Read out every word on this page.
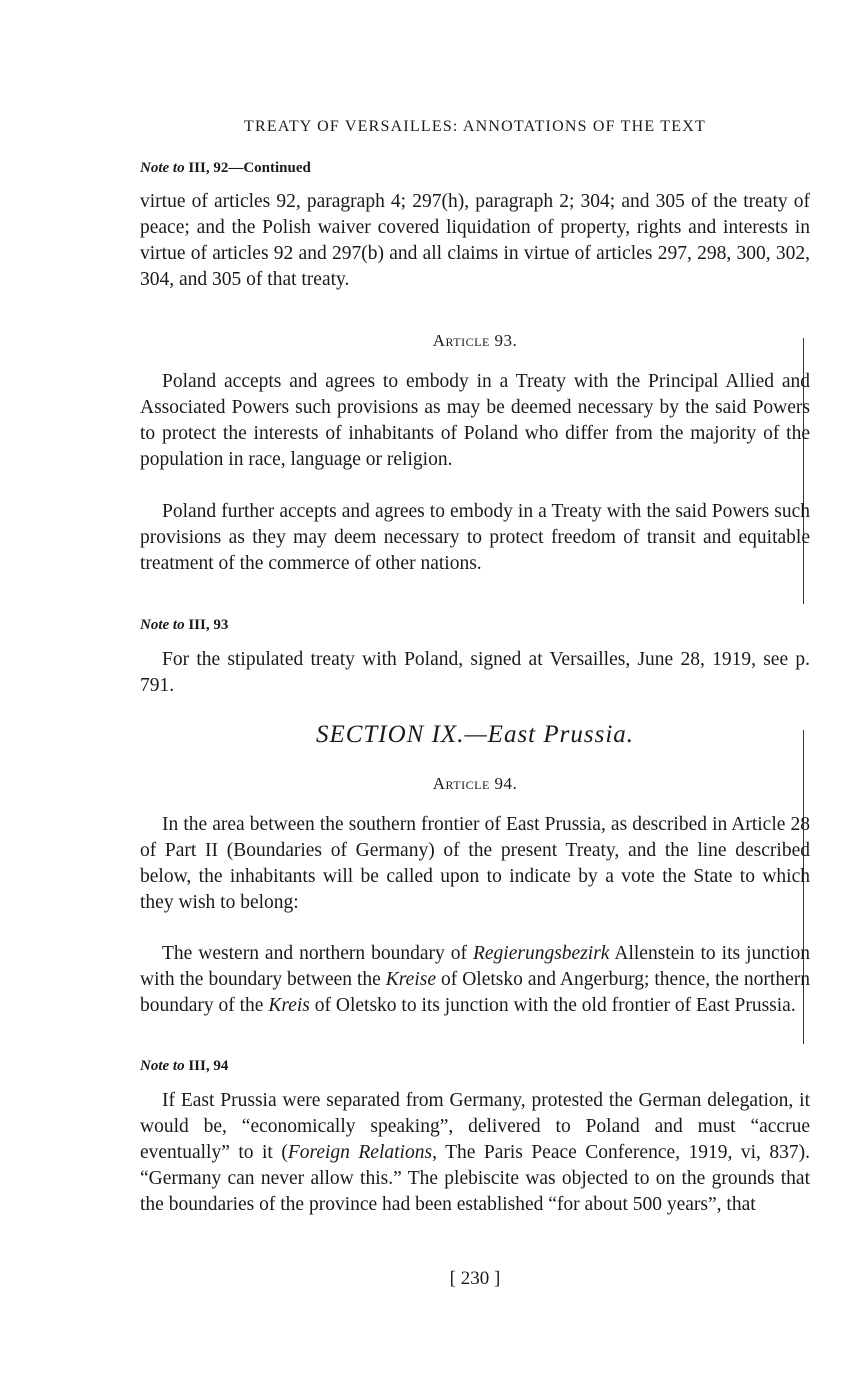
TREATY OF VERSAILLES: ANNOTATIONS OF THE TEXT
Note to III, 92—Continued
virtue of articles 92, paragraph 4; 297(h), paragraph 2; 304; and 305 of the treaty of peace; and the Polish waiver covered liquidation of property, rights and interests in virtue of articles 92 and 297(b) and all claims in virtue of articles 297, 298, 300, 302, 304, and 305 of that treaty.
Article 93.
Poland accepts and agrees to embody in a Treaty with the Principal Allied and Associated Powers such provisions as may be deemed necessary by the said Powers to protect the interests of inhabitants of Poland who differ from the majority of the population in race, language or religion.
Poland further accepts and agrees to embody in a Treaty with the said Powers such provisions as they may deem necessary to protect freedom of transit and equitable treatment of the commerce of other nations.
Note to III, 93
For the stipulated treaty with Poland, signed at Versailles, June 28, 1919, see p. 791.
SECTION IX.—East Prussia.
Article 94.
In the area between the southern frontier of East Prussia, as described in Article 28 of Part II (Boundaries of Germany) of the present Treaty, and the line described below, the inhabitants will be called upon to indicate by a vote the State to which they wish to belong:
The western and northern boundary of Regierungsbezirk Allenstein to its junction with the boundary between the Kreise of Oletsko and Angerburg; thence, the northern boundary of the Kreis of Oletsko to its junction with the old frontier of East Prussia.
Note to III, 94
If East Prussia were separated from Germany, protested the German delegation, it would be, “economically speaking”, delivered to Poland and must “accrue eventually” to it (Foreign Relations, The Paris Peace Conference, 1919, vi, 837). “Germany can never allow this.” The plebiscite was objected to on the grounds that the boundaries of the province had been established “for about 500 years”, that
[ 230 ]
